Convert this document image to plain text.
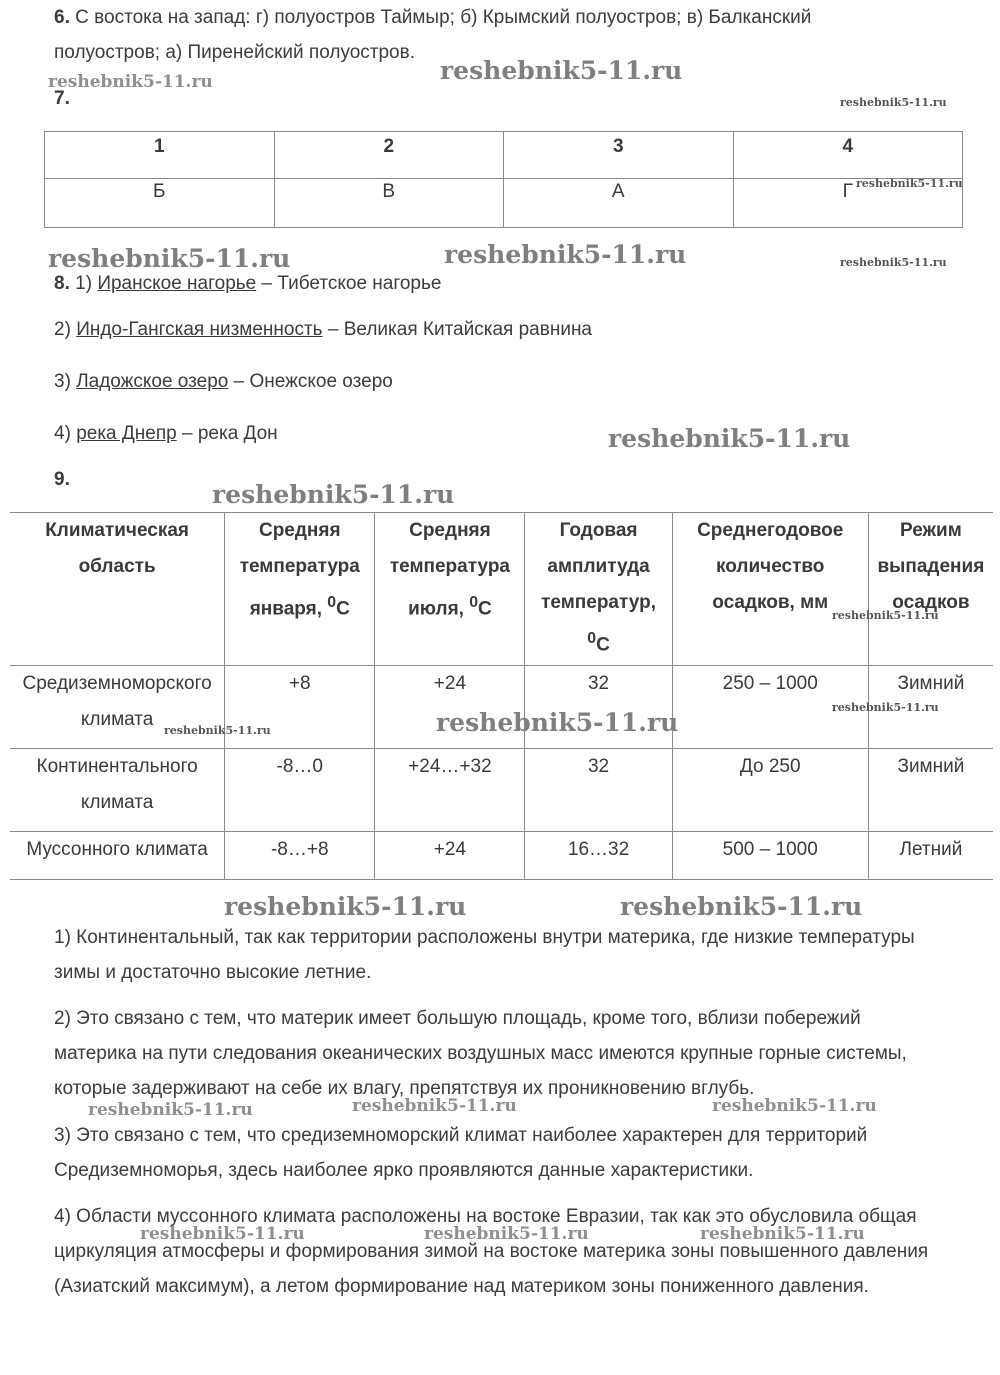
6. С востока на запад: г) полуостров Таймыр; б) Крымский полуостров; в) Балканский
полуостров; а) Пиренейский полуостров.
7.
1	2	3	4
Б	В	А	Г
8. 1) Иранское нагорье – Тибетское нагорье
2) Индо-Гангская низменность – Великая Китайская равнина
3) Ладожское озеро – Онежское озеро
4) река Днепр – река Дон
9.
Климатическая область	Средняя температура января, $^0$C	Средняя температура июля, $^0$C	Годовая амплитуда температур, $^0$C	Среднегодовое количество осадков, мм	Режим выпадения осадков
Средиземноморского климата	+8	+24	32	250 – 1000	Зимний
Континентального климата	-8…0	+24…+32	32	До 250	Зимний
Муссонного климата	-8…+8	+24	16…32	500 – 1000	Летний
1) Континентальный, так как территории расположены внутри материка, где низкие температуры зимы и достаточно высокие летние.
2) Это связано с тем, что материк имеет большую площадь, кроме того, вблизи побережий материка на пути следования океанических воздушных масс имеются крупные горные системы, которые задерживают на себе их влагу, препятствуя их проникновению вглубь.
3) Это связано с тем, что средиземноморский климат наиболее характерен для территорий Средиземноморья, здесь наиболее ярко проявляются данные характеристики.
4) Области муссонного климата расположены на востоке Евразии, так как это обусловила общая циркуляция атмосферы и формирования зимой на востоке материка зоны повышенного давления (Азиатский максимум), а летом формирование над материком зоны пониженного давления.
reshebnik5-11.ru	reshebnik5-11.ru
reshebnik5-11.ru
reshebnik5-11.ru
reshebnik5-11.ru	reshebnik5-11.ru	reshebnik5-11.ru
reshebnik5-11.ru
reshebnik5-11.ru
reshebnik5-11.ru
reshebnik5-11.ru
reshebnik5-11.ru
reshebnik5-11.ru
reshebnik5-11.ru	reshebnik5-11.ru
reshebnik5-11.ru	reshebnik5-11.ru	reshebnik5-11.ru
reshebnik5-11.ru	reshebnik5-11.ru	reshebnik5-11.ru
